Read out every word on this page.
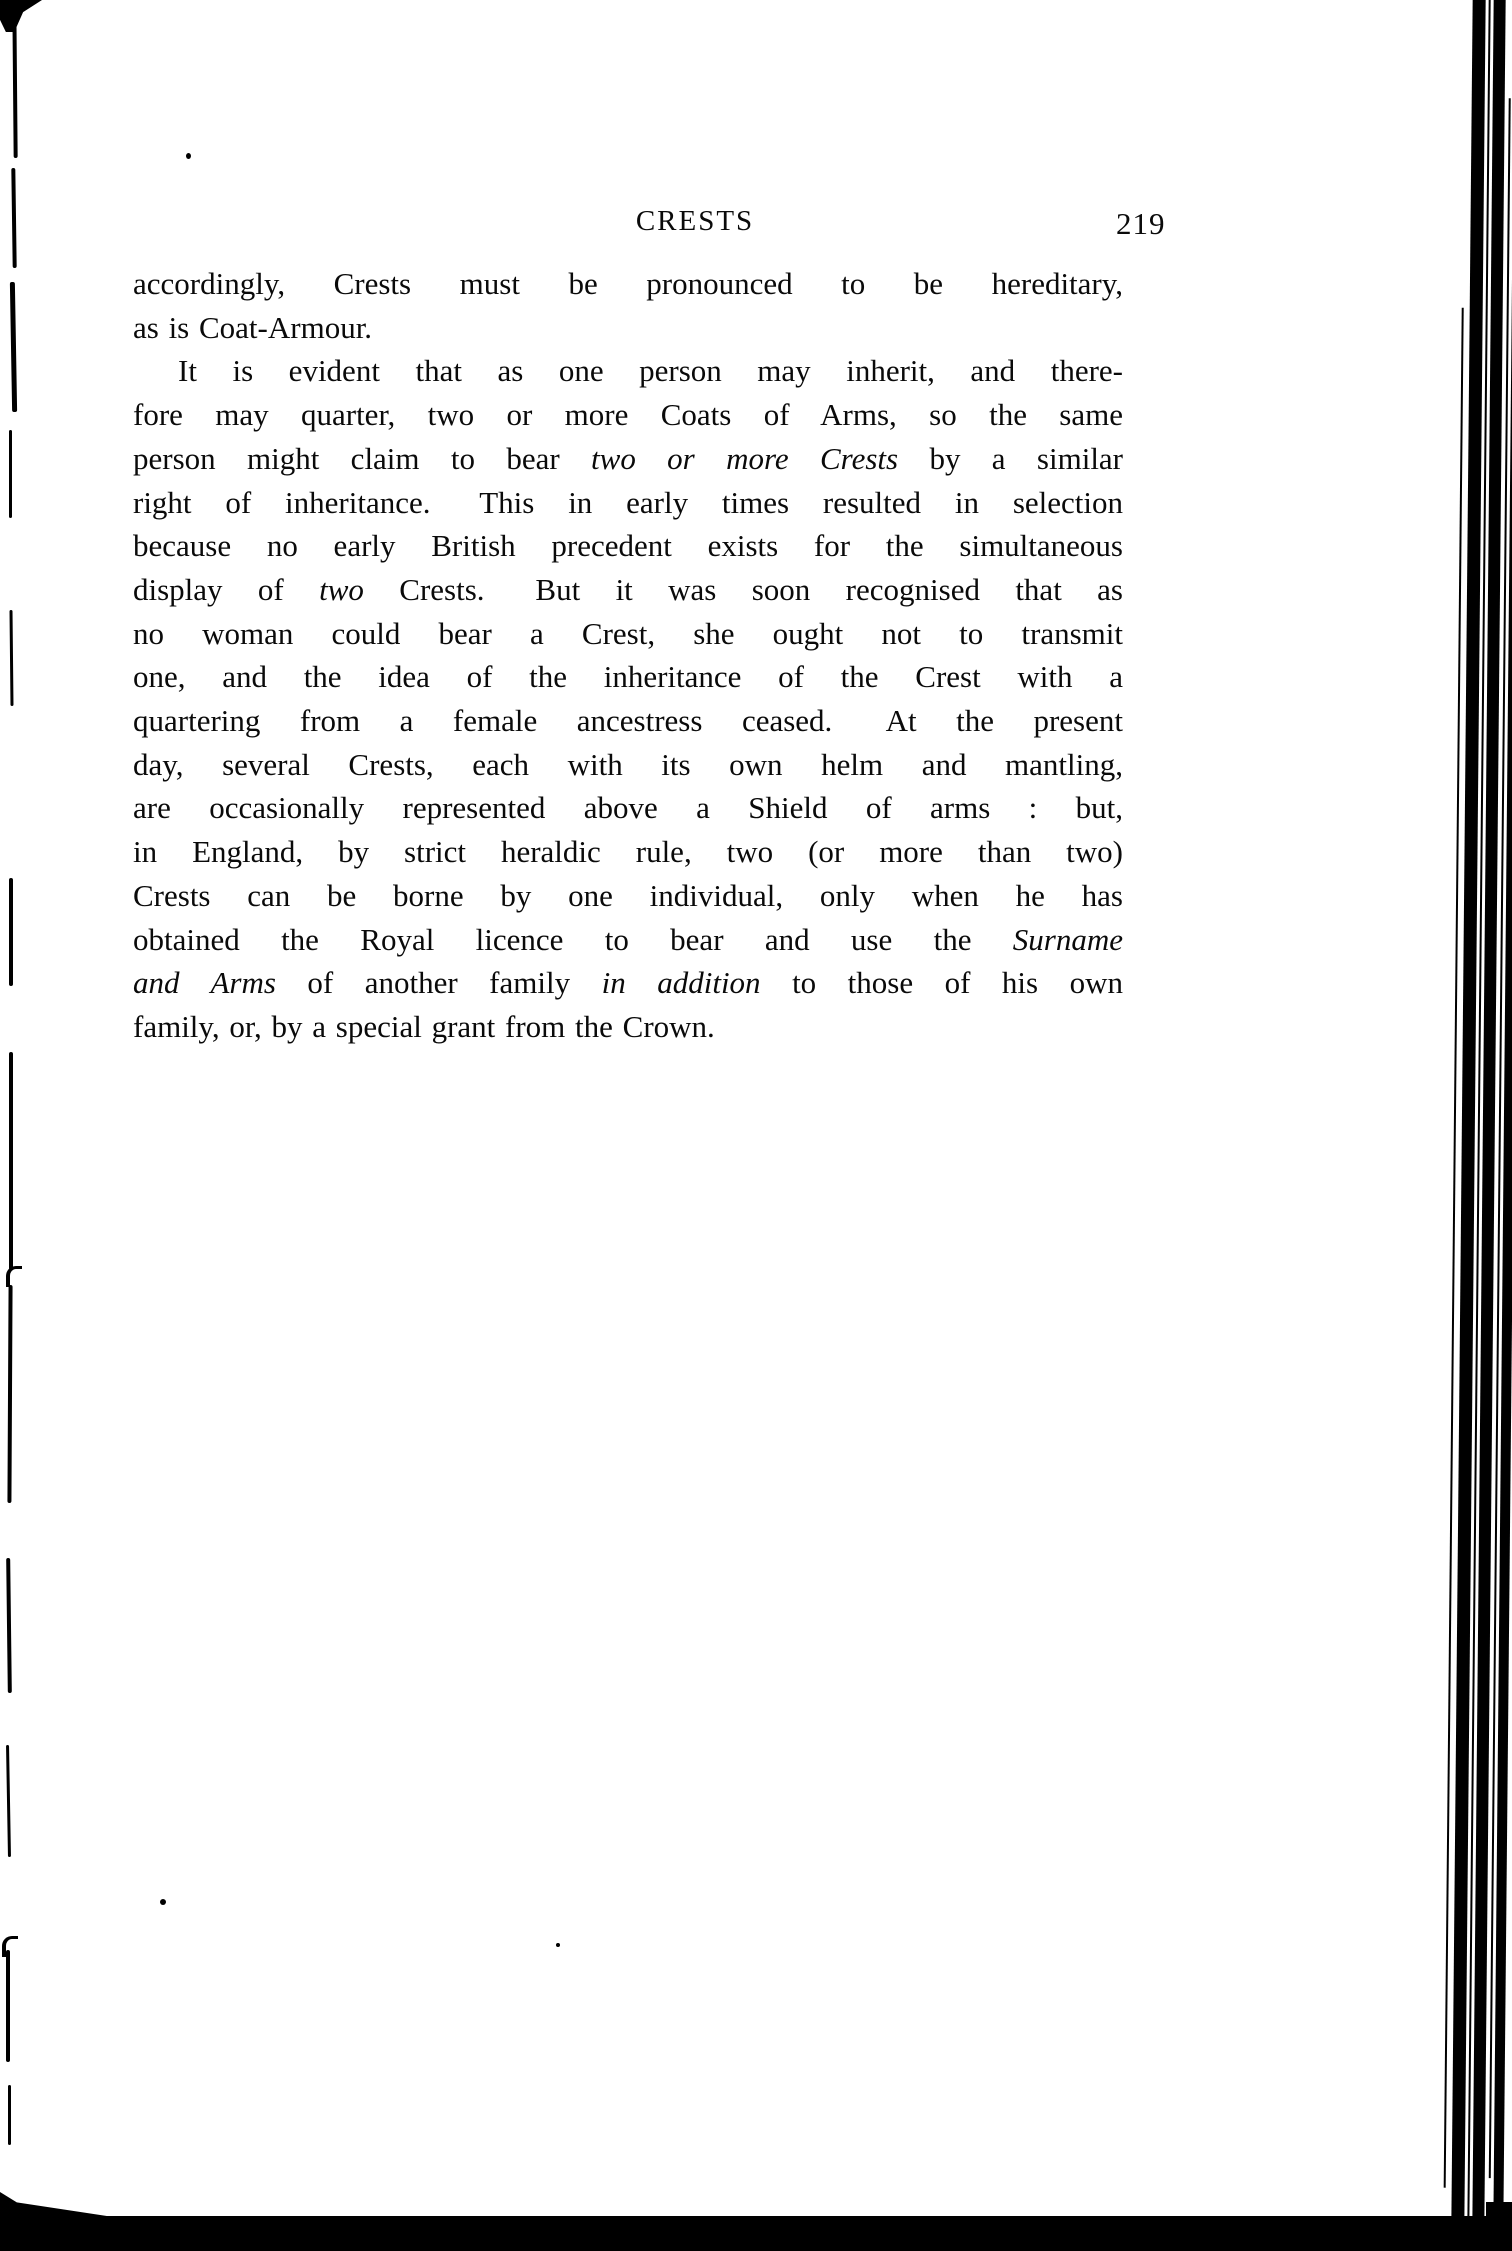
CRESTS	219
accordingly, Crests must be pronounced to be hereditary,
as is Coat-Armour.
It is evident that as one person may inherit, and there-
fore may quarter, two or more Coats of Arms, so the same
person might claim to bear two or more Crests by a similar
right of inheritance.  This in early times resulted in selection
because no early British precedent exists for the simultaneous
display of two Crests.  But it was soon recognised that as
no woman could bear a Crest, she ought not to transmit
one, and the idea of the inheritance of the Crest with a
quartering from a female ancestress ceased.  At the present
day, several Crests, each with its own helm and mantling,
are occasionally represented above a Shield of arms : but,
in England, by strict heraldic rule, two (or more than two)
Crests can be borne by one individual, only when he has
obtained the Royal licence to bear and use the Surname
and Arms of another family in addition to those of his own
family, or, by a special grant from the Crown.
